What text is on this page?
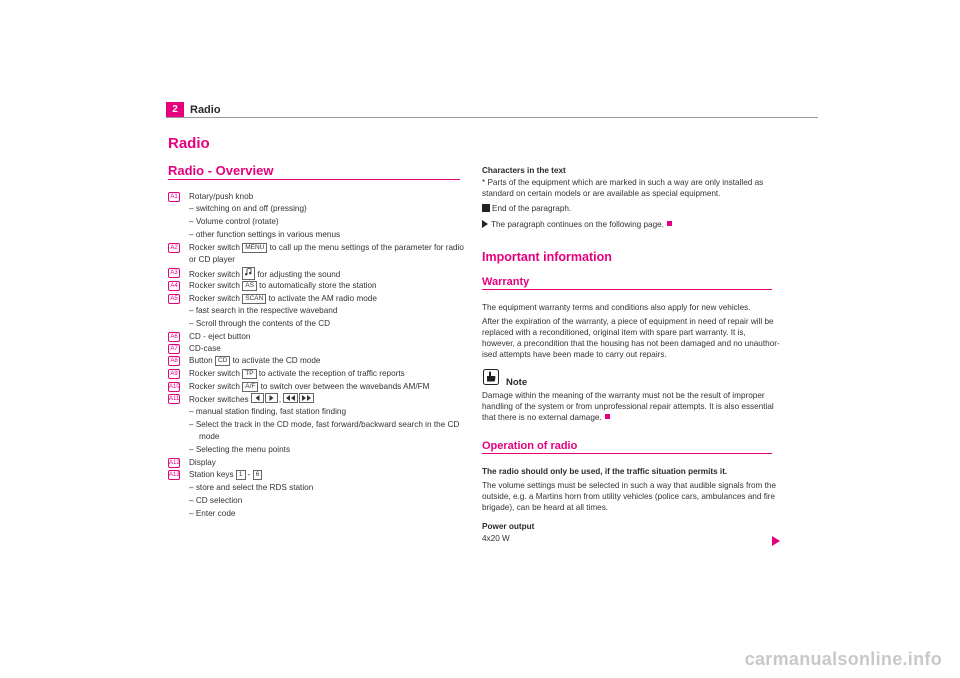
2	Radio
Radio
Radio - Overview
A1 Rotary/push knob
– switching on and off (pressing)
– Volume control (rotate)
– other function settings in various menus
A2 Rocker switch MENU to call up the menu settings of the parameter for radio
or CD player
A3 Rocker switch  for adjusting the sound
A4 Rocker switch AS to automatically store the station
A5 Rocker switch SCAN to activate the AM radio mode
– fast search in the respective waveband
– Scroll through the contents of the CD
A6 CD - eject button
A7 CD-case
A8 Button CD to activate the CD mode
A9 Rocker switch TP to activate the reception of traffic reports
A10 Rocker switch A/F to switch over between the wavebands AM/FM
A11 Rocker switches	,
– manual station finding, fast station finding
– Select the track in the CD mode, fast forward/backward search in the CD
mode
– Selecting the menu points
A12 Display
A13 Station keys 1 - 6
– store and select the RDS station
– CD selection
– Enter code
Characters in the text
* Parts of the equipment which are marked in such a way are only installed as
standard on certain models or are available as special equipment.
End of the paragraph.
The paragraph continues on the following page.
Important information
Warranty
The equipment warranty terms and conditions also apply for new vehicles.
After the expiration of the warranty, a piece of equipment in need of repair will be
replaced with a reconditioned, original item with spare part warranty. It is,
however, a precondition that the housing has not been damaged and no unauthor-
ised attempts have been made to carry out repairs.
Note
Damage within the meaning of the warranty must not be the result of improper
handling of the system or from unprofessional repair attempts. It is also essential
that there is no external damage.
Operation of radio
The radio should only be used, if the traffic situation permits it.
The volume settings must be selected in such a way that audible signals from the
outside, e.g. a Martins horn from utility vehicles (police cars, ambulances and fire
brigade), can be heard at all times.
Power output
4x20 W
carmanualsonline.info
